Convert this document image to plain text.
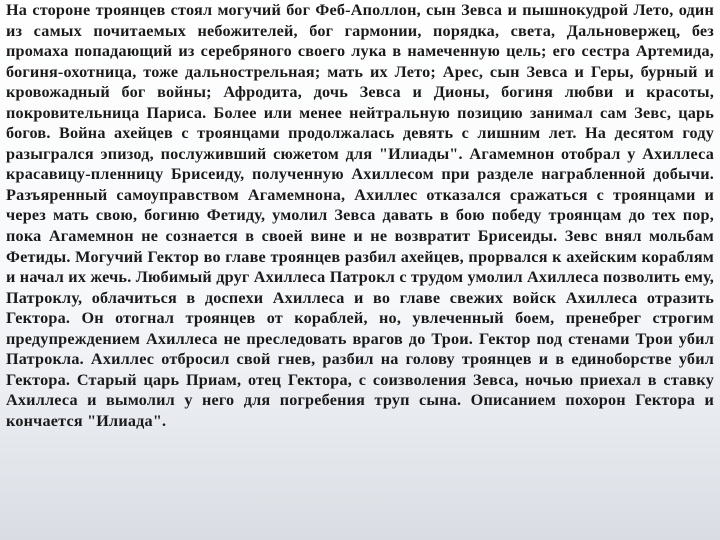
На стороне троянцев стоял могучий бог Феб-Аполлон, сын Зевса и пышнокудрой Лето, один из самых почитаемых небожителей, бог гармонии, порядка, света, Дальновержец, без промаха попадающий из серебряного своего лука в намеченную цель; его сестра Артемида, богиня-охотница, тоже дальнострельная; мать их Лето; Арес, сын Зевса и Геры, бурный и кровожадный бог войны; Афродита, дочь Зевса и Дионы, богиня любви и красоты, покровительница Париса. Более или менее нейтральную позицию занимал сам Зевс, царь богов. Война ахейцев с троянцами продолжалась девять с лишним лет. На десятом году разыгрался эпизод, послуживший сюжетом для "Илиады". Агамемнон отобрал у Ахиллеса красавицу-пленницу Брисеиду, полученную Ахиллесом при разделе награбленной добычи. Разъяренный самоуправством Агамемнона, Ахиллес отказался сражаться с троянцами и через мать свою, богиню Фетиду, умолил Зевса давать в бою победу троянцам до тех пор, пока Агамемнон не сознается в своей вине и не возвратит Брисеиды. Зевс внял мольбам Фетиды. Могучий Гектор во главе троянцев разбил ахейцев, прорвался к ахейским кораблям и начал их жечь. Любимый друг Ахиллеса Патрокл с трудом умолил Ахиллеса позволить ему, Патроклу, облачиться в доспехи Ахиллеса и во главе свежих войск Ахиллеса отразить Гектора. Он отогнал троянцев от кораблей, но, увлеченный боем, пренебрег строгим предупреждением Ахиллеса не преследовать врагов до Трои. Гектор под стенами Трои убил Патрокла. Ахиллес отбросил свой гнев, разбил на голову троянцев и в единоборстве убил Гектора. Старый царь Приам, отец Гектора, с соизволения Зевса, ночью приехал в ставку Ахиллеса и вымолил у него для погребения труп сына. Описанием похорон Гектора и кончается "Илиада".
